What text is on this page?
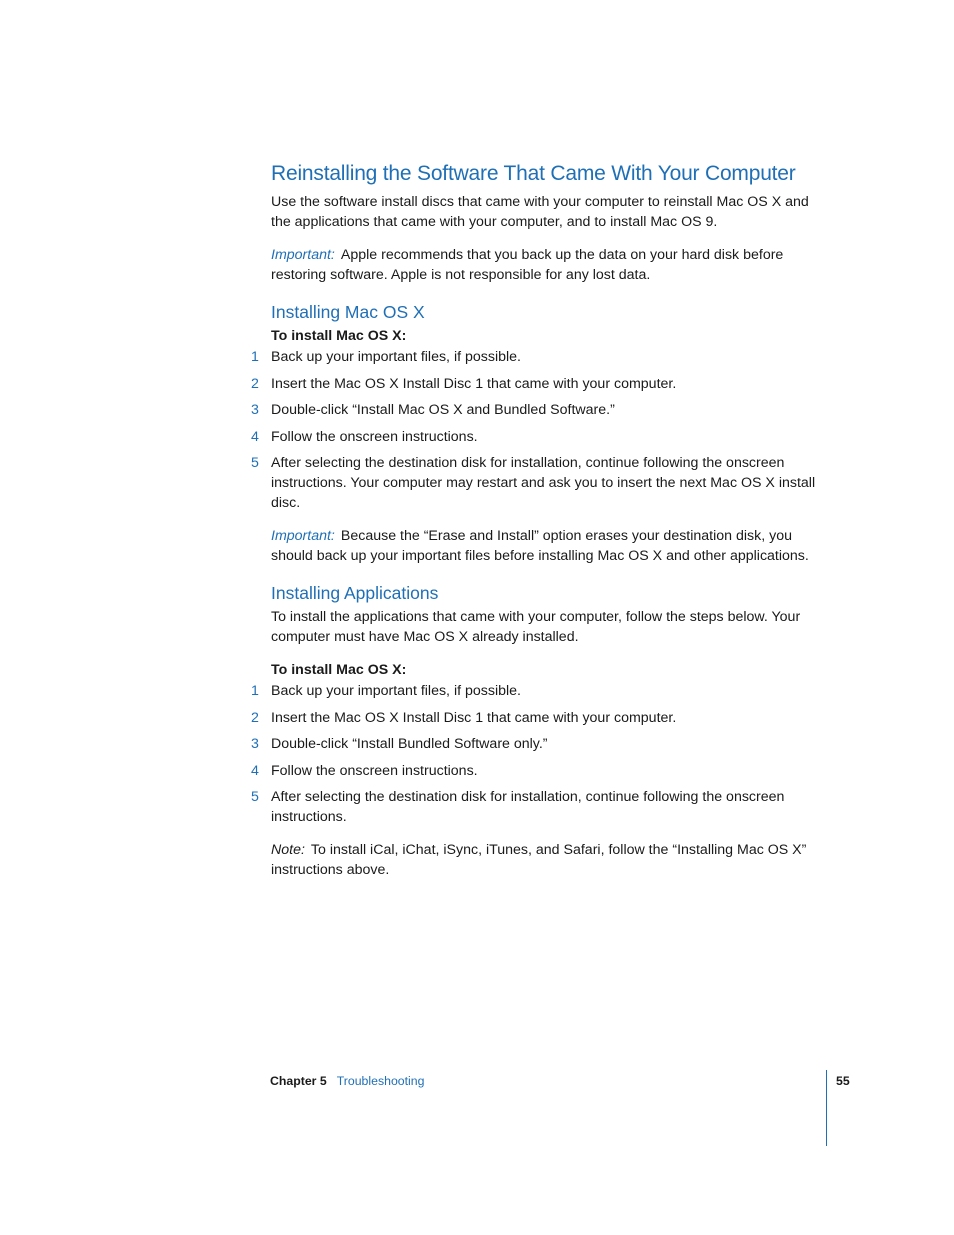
Reinstalling the Software That Came With Your Computer

Use the software install discs that came with your computer to reinstall Mac OS X and the applications that came with your computer, and to install Mac OS 9.

Important: Apple recommends that you back up the data on your hard disk before restoring software. Apple is not responsible for any lost data.

Installing Mac OS X

To install Mac OS X:

1 Back up your important files, if possible.
2 Insert the Mac OS X Install Disc 1 that came with your computer.
3 Double-click “Install Mac OS X and Bundled Software.”
4 Follow the onscreen instructions.
5 After selecting the destination disk for installation, continue following the onscreen instructions. Your computer may restart and ask you to insert the next Mac OS X install disc.

Important: Because the “Erase and Install” option erases your destination disk, you should back up your important files before installing Mac OS X and other applications.

Installing Applications

To install the applications that came with your computer, follow the steps below. Your computer must have Mac OS X already installed.

To install Mac OS X:

1 Back up your important files, if possible.
2 Insert the Mac OS X Install Disc 1 that came with your computer.
3 Double-click “Install Bundled Software only.”
4 Follow the onscreen instructions.
5 After selecting the destination disk for installation, continue following the onscreen instructions.

Note: To install iCal, iChat, iSync, iTunes, and Safari, follow the “Installing Mac OS X” instructions above.

Chapter 5 Troubleshooting	55
